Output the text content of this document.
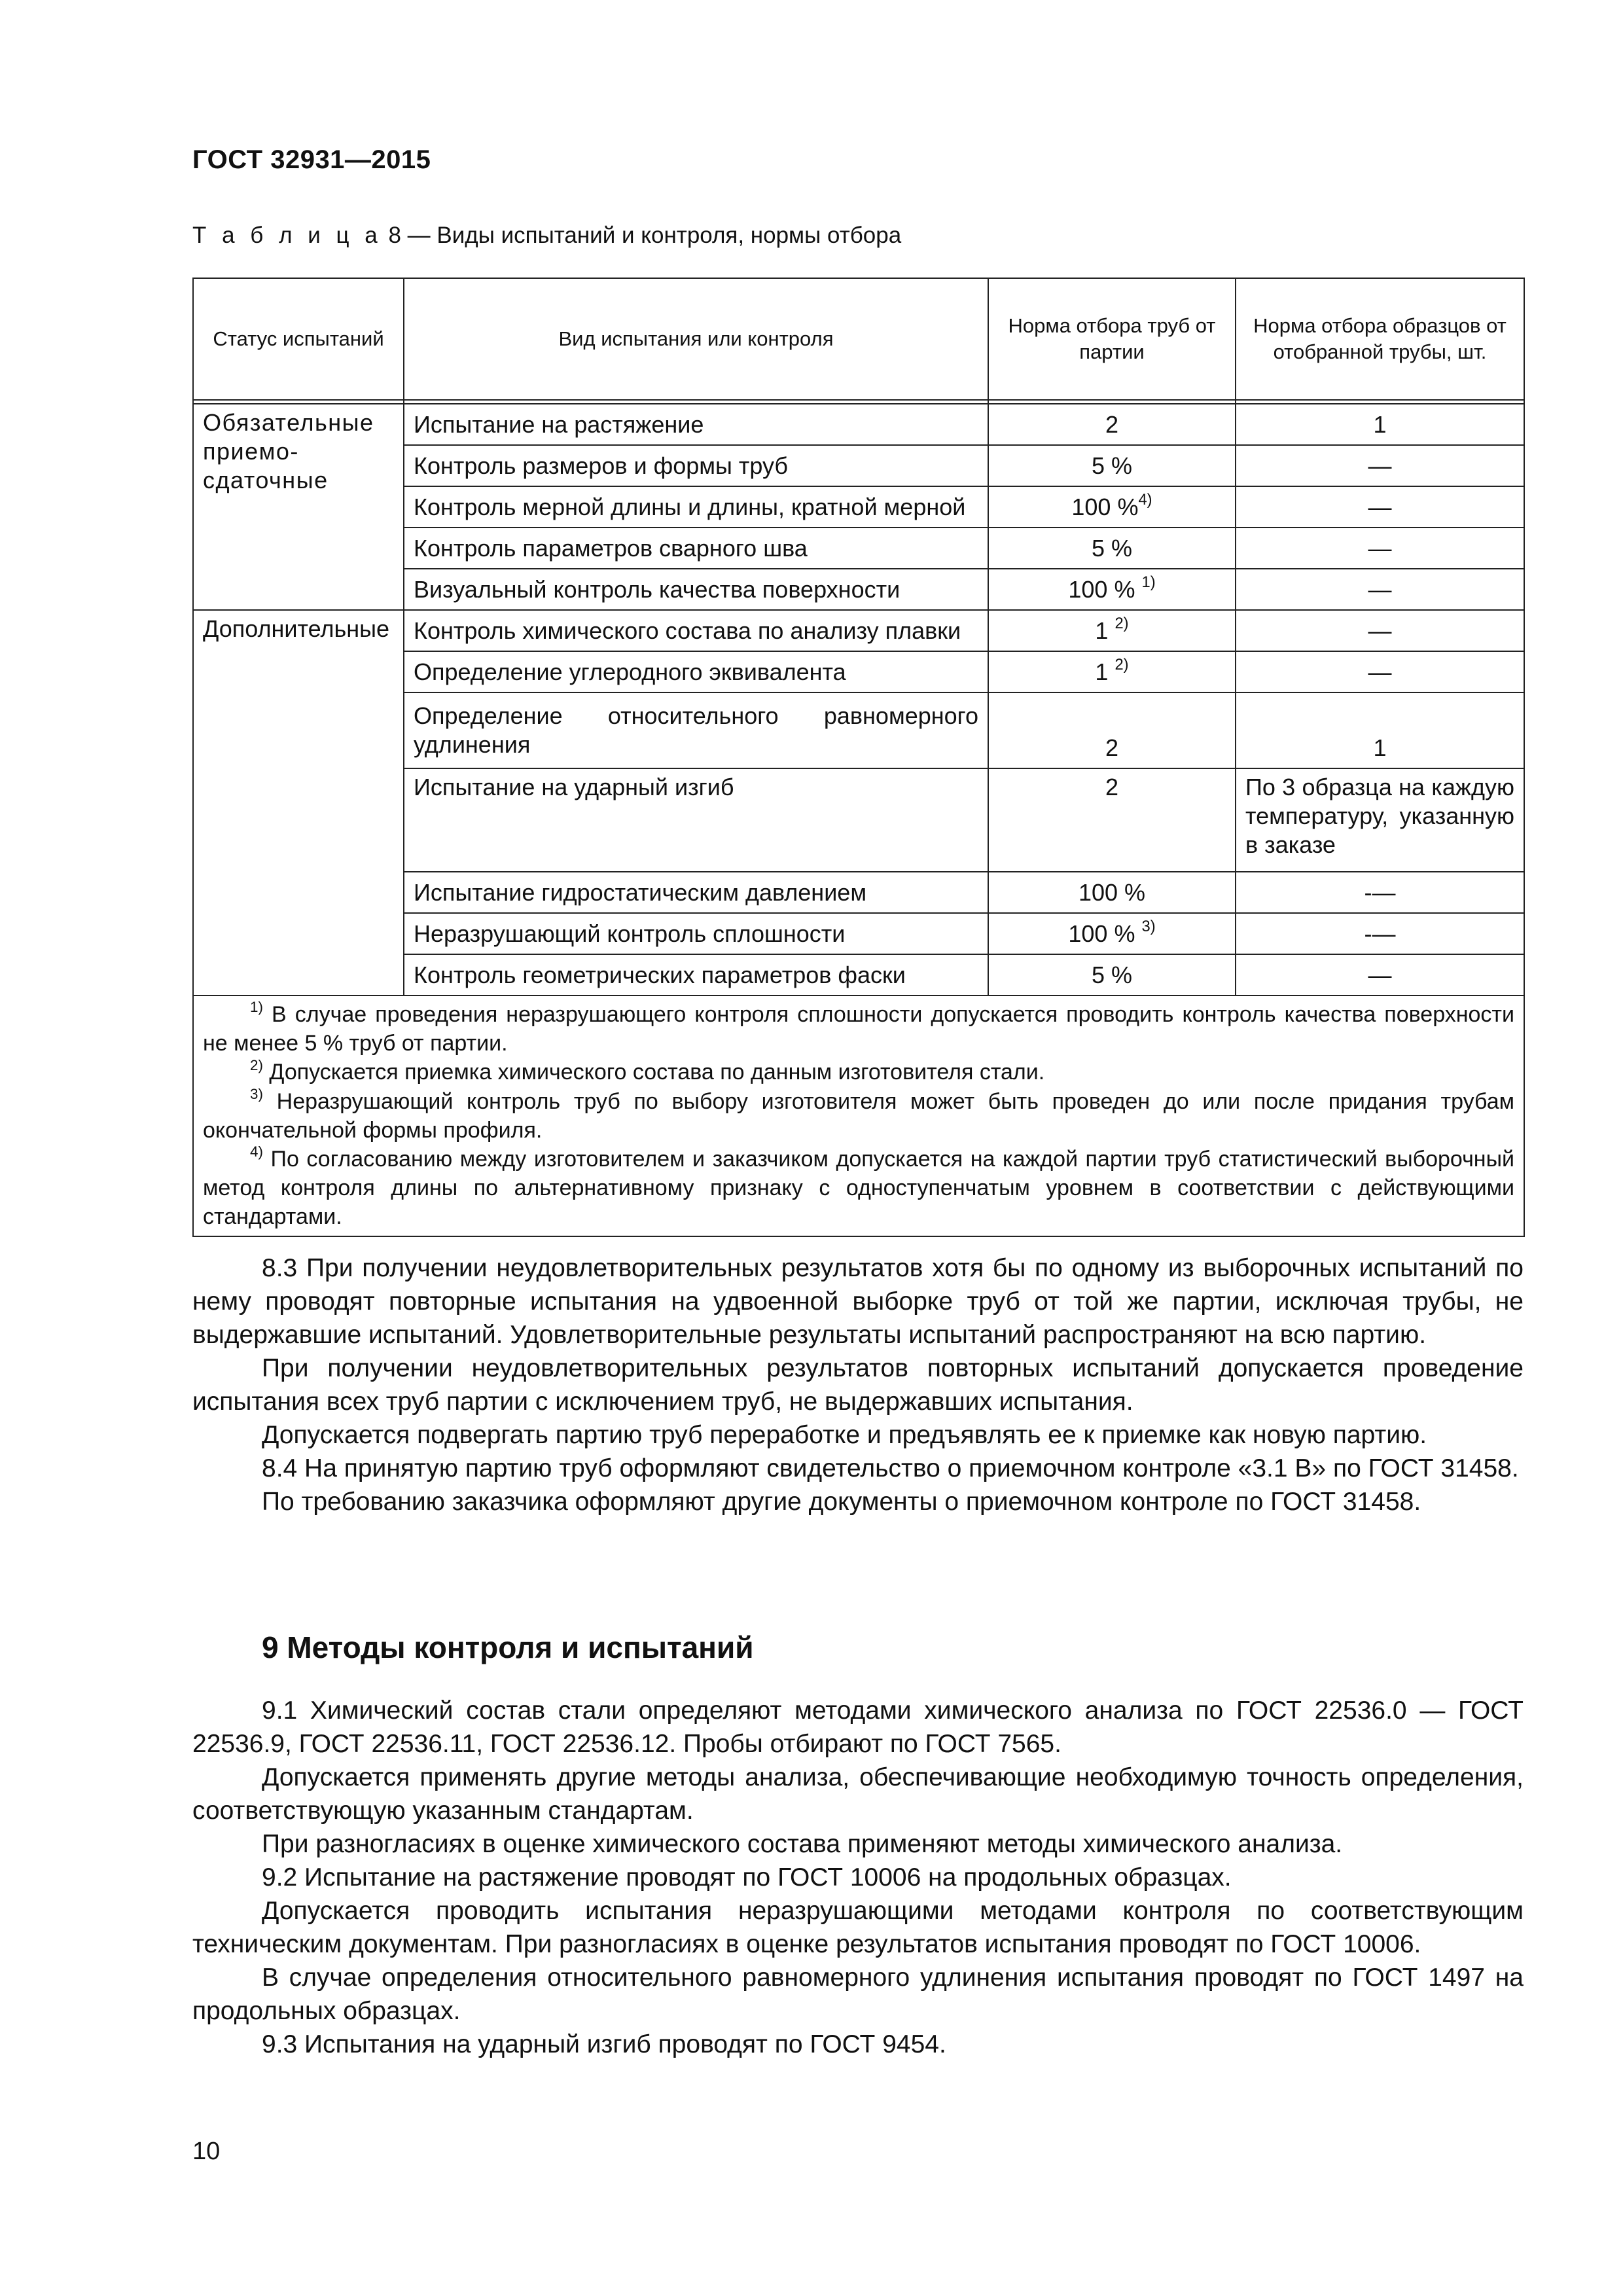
ГОСТ 32931—2015
Т а б л и ц а 8 — Виды испытаний и контроля, нормы отбора
Статус испытаний	Вид испытания или контроля	Норма отбора труб от партии	Норма отбора образцов от отобранной трубы, шт.

Обязательные приемо-сдаточные	Испытание на растяжение	2	1
	Контроль размеров и формы труб	5 %	—
	Контроль мерной длины и длины, кратной мерной	100 %$^{4)}$	—
	Контроль параметров сварного шва	5 %	—
	Визуальный контроль качества поверхности	100 % $^{1)}$	—
Дополнительные	Контроль химического состава по анализу плавки	1 $^{2)}$	—
	Определение углеродного эквивалента	1 $^{2)}$	—
	Определение относительного равномерного удлинения	2	1
	Испытание на ударный изгиб	2	По 3 образца на каждую температуру, указанную в заказе
	Испытание гидростатическим давлением	100 %	-—
	Неразрушающий контроль сплошности	100 % $^{3)}$	-—
	Контроль геометрических параметров фаски	5 %	—

$^{1)}$ В случае проведения неразрушающего контроля сплошности допускается проводить контроль качества поверхности не менее 5 % труб от партии.
$^{2)}$ Допускается приемка химического состава по данным изготовителя стали.
$^{3)}$ Неразрушающий контроль труб по выбору изготовителя может быть проведен до или после придания трубам окончательной формы профиля.
$^{4)}$ По согласованию между изготовителем и заказчиком допускается на каждой партии труб статистический выборочный метод контроля длины по альтернативному признаку с одноступенчатым уровнем в соответствии с действующими стандартами.			

8.3 При получении неудовлетворительных результатов хотя бы по одному из выборочных испытаний по нему проводят повторные испытания на удвоенной выборке труб от той же партии, исключая трубы, не выдержавшие испытаний. Удовлетворительные результаты испытаний распространяют на всю партию.

При получении неудовлетворительных результатов повторных испытаний допускается проведение испытания всех труб партии с исключением труб, не выдержавших испытания.

Допускается подвергать партию труб переработке и предъявлять ее к приемке как новую партию.

8.4 На принятую партию труб оформляют свидетельство о приемочном контроле «3.1 В» по ГОСТ 31458.

По требованию заказчика оформляют другие документы о приемочном контроле по ГОСТ 31458.

9 Методы контроля и испытаний

9.1 Химический состав стали определяют методами химического анализа по ГОСТ 22536.0 — ГОСТ 22536.9, ГОСТ 22536.11, ГОСТ 22536.12. Пробы отбирают по ГОСТ 7565.

Допускается применять другие методы анализа, обеспечивающие необходимую точность определения, соответствующую указанным стандартам.

При разногласиях в оценке химического состава применяют методы химического анализа.

9.2 Испытание на растяжение проводят по ГОСТ 10006 на продольных образцах.

Допускается проводить испытания неразрушающими методами контроля по соответствующим техническим документам. При разногласиях в оценке результатов испытания проводят по ГОСТ 10006.

В случае определения относительного равномерного удлинения испытания проводят по ГОСТ 1497 на продольных образцах.

9.3 Испытания на ударный изгиб проводят по ГОСТ 9454.

10
